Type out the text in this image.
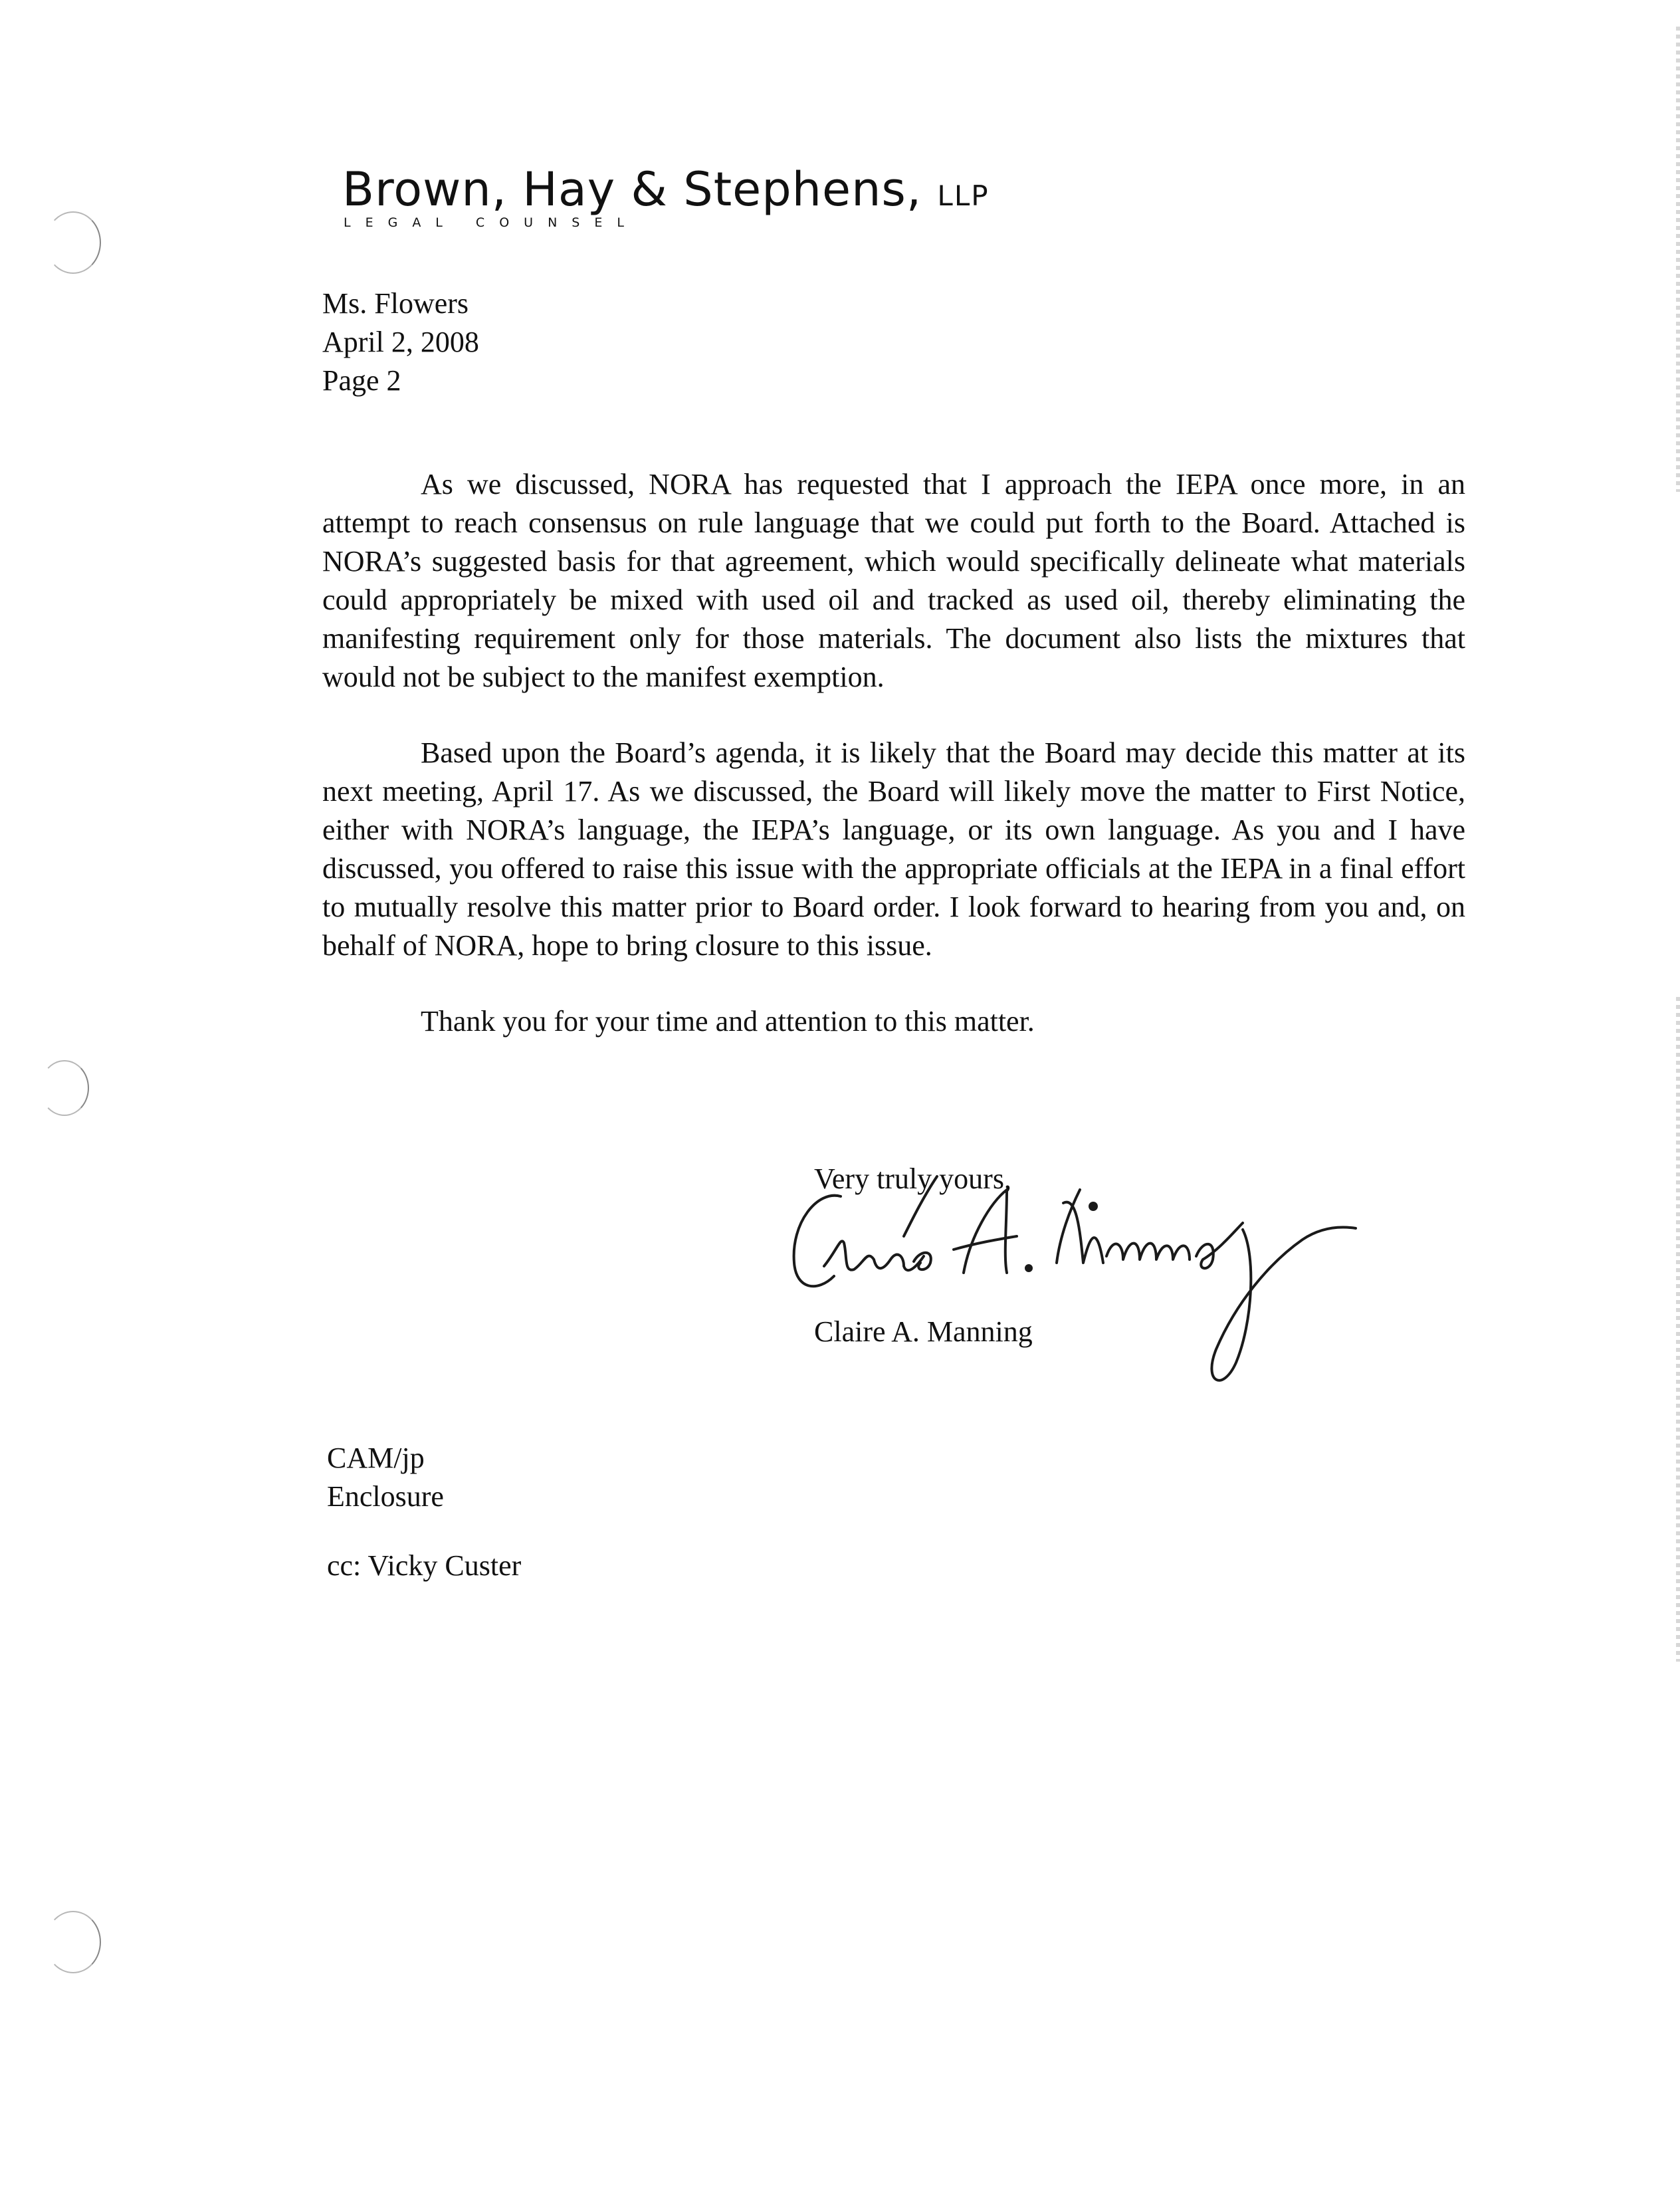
Brown, Hay & Stephens, LLP
LEGAL COUNSEL
Ms. Flowers
April 2, 2008
Page 2

As we discussed, NORA has requested that I approach the IEPA once more, in an attempt to reach consensus on rule language that we could put forth to the Board. Attached is NORA’s suggested basis for that agreement, which would specifically delineate what materials could appropriately be mixed with used oil and tracked as used oil, thereby eliminating the manifesting requirement only for those materials. The document also lists the mixtures that would not be subject to the manifest exemption.

Based upon the Board’s agenda, it is likely that the Board may decide this matter at its next meeting, April 17. As we discussed, the Board will likely move the matter to First Notice, either with NORA’s language, the IEPA’s language, or its own language. As you and I have discussed, you offered to raise this issue with the appropriate officials at the IEPA in a final effort to mutually resolve this matter prior to Board order. I look forward to hearing from you and, on behalf of NORA, hope to bring closure to this issue.

Thank you for your time and attention to this matter.

Very truly yours,
Claire A. Manning
CAM/jp
Enclosure
cc: Vicky Custer
